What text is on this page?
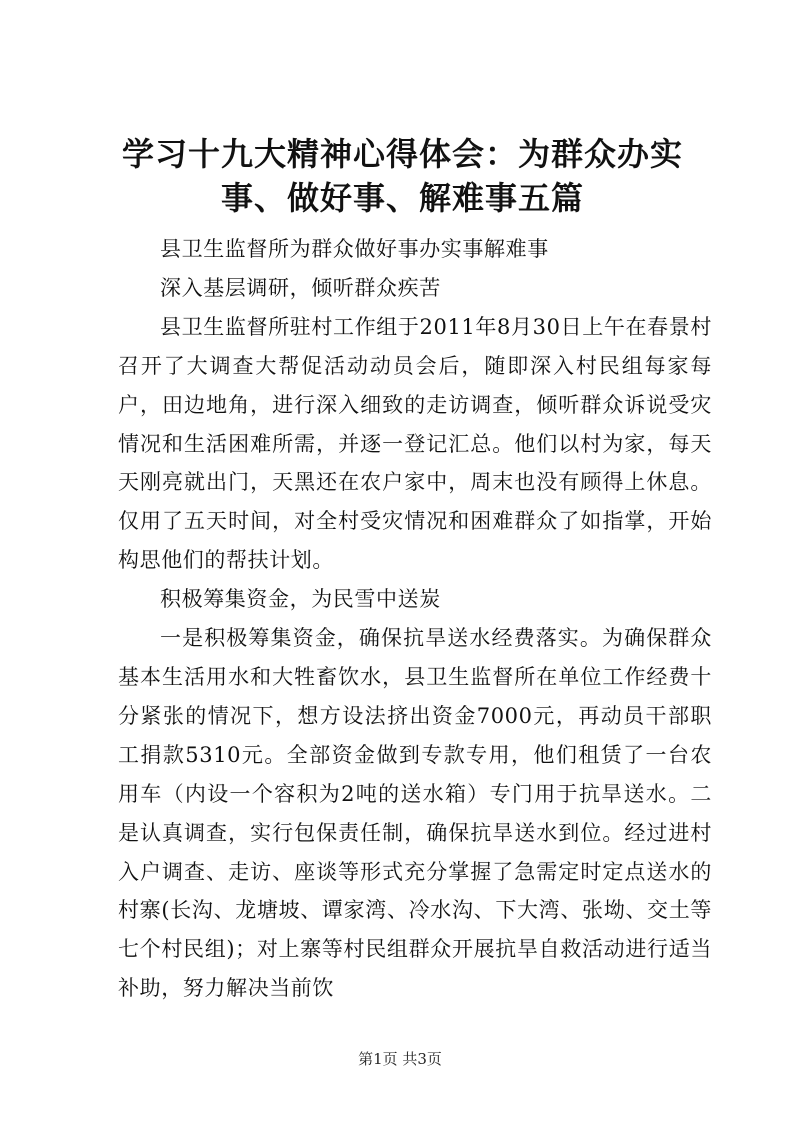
学习十九大精神心得体会：为群众办实事、做好事、解难事五篇

县卫生监督所为群众做好事办实事解难事

深入基层调研，倾听群众疾苦

县卫生监督所驻村工作组于2011年8月30日上午在春景村召开了大调查大帮促活动动员会后，随即深入村民组每家每户，田边地角，进行深入细致的走访调查，倾听群众诉说受灾情况和生活困难所需，并逐一登记汇总。他们以村为家，每天天刚亮就出门，天黑还在农户家中，周末也没有顾得上休息。仅用了五天时间，对全村受灾情况和困难群众了如指掌，开始构思他们的帮扶计划。

积极筹集资金，为民雪中送炭

一是积极筹集资金，确保抗旱送水经费落实。为确保群众基本生活用水和大牲畜饮水，县卫生监督所在单位工作经费十分紧张的情况下，想方设法挤出资金7000元，再动员干部职工捐款5310元。全部资金做到专款专用，他们租赁了一台农用车（内设一个容积为2吨的送水箱）专门用于抗旱送水。二是认真调查，实行包保责任制，确保抗旱送水到位。经过进村入户调查、走访、座谈等形式充分掌握了急需定时定点送水的村寨(长沟、龙塘坡、谭家湾、冷水沟、下大湾、张坳、交土等七个村民组)；对上寨等村民组群众开展抗旱自救活动进行适当补助，努力解决当前饮

第1页 共3页
